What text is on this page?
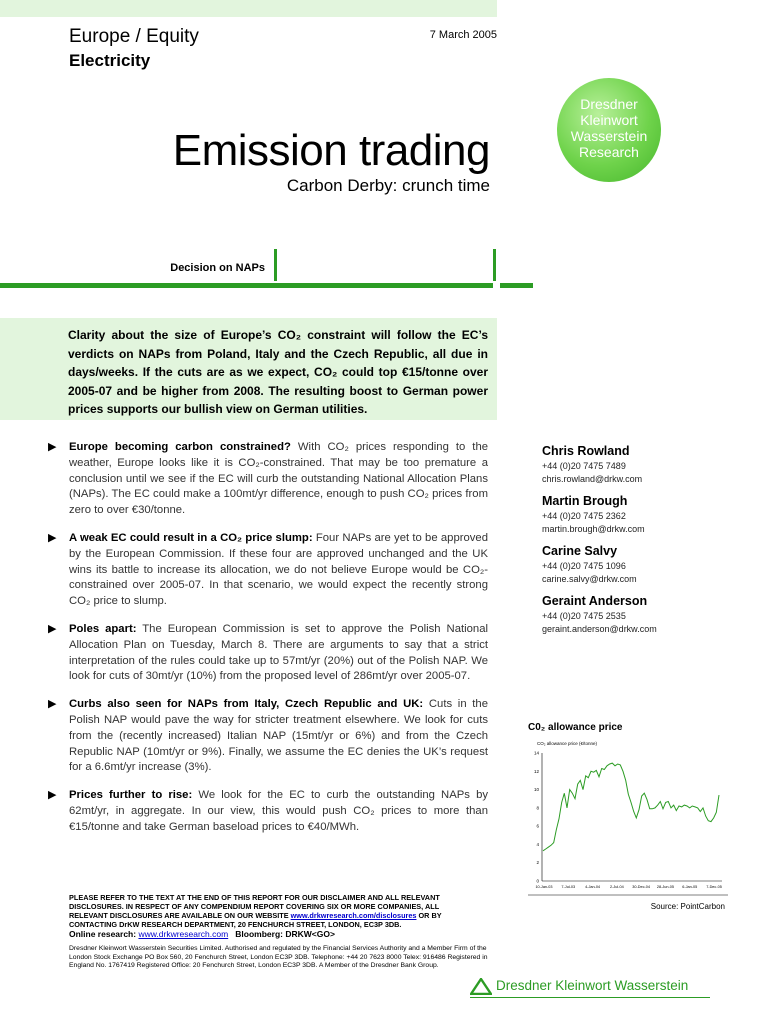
Europe / Equity
Electricity
7 March 2005
Dresdner
Kleinwort
Wasserstein
Research
Emission trading
Carbon Derby: crunch time
Decision on NAPs
Clarity about the size of Europe’s CO₂ constraint will follow the EC’s verdicts on NAPs from Poland, Italy and the Czech Republic, all due in days/weeks. If the cuts are as we expect, CO₂ could top €15/tonne over 2005-07 and be higher from 2008. The resulting boost to German power prices supports our bullish view on German utilities.
▶ Europe becoming carbon constrained? With CO₂ prices responding to the weather, Europe looks like it is CO₂-constrained. That may be too premature a conclusion until we see if the EC will curb the outstanding National Allocation Plans (NAPs). The EC could make a 100mt/yr difference, enough to push CO₂ prices from zero to over €30/tonne.
▶ A weak EC could result in a CO₂ price slump: Four NAPs are yet to be approved by the European Commission. If these four are approved unchanged and the UK wins its battle to increase its allocation, we do not believe Europe would be CO₂-constrained over 2005-07. In that scenario, we would expect the recently strong CO₂ price to slump.
▶ Poles apart: The European Commission is set to approve the Polish National Allocation Plan on Tuesday, March 8. There are arguments to say that a strict interpretation of the rules could take up to 57mt/yr (20%) out of the Polish NAP. We look for cuts of 30mt/yr (10%) from the proposed level of 286mt/yr over 2005-07.
▶ Curbs also seen for NAPs from Italy, Czech Republic and UK: Cuts in the Polish NAP would pave the way for stricter treatment elsewhere. We look for cuts from the (recently increased) Italian NAP (15mt/yr or 6%) and from the Czech Republic NAP (10mt/yr or 9%). Finally, we assume the EC denies the UK’s request for a 6.6mt/yr increase (3%).
▶ Prices further to rise: We look for the EC to curb the outstanding NAPs by 62mt/yr, in aggregate. In our view, this would push CO₂ prices to more than €15/tonne and take German baseload prices to €40/MWh.
Chris Rowland
+44 (0)20 7475 7489
chris.rowland@drkw.com
Martin Brough
+44 (0)20 7475 2362
martin.brough@drkw.com
Carine Salvy
+44 (0)20 7475 1096
carine.salvy@drkw.com
Geraint Anderson
+44 (0)20 7475 2535
geraint.anderson@drkw.com
C0₂ allowance price
CO₂ allowance price (€/tonne)
0
2
4
6
8
10
12
14
10-Jan-03 7-Jul-03	4-Jan-04	2-Jul-04 30-Dec-04 28-Jun-05 6-Jan-05 7-Dec-05
Source: PointCarbon
PLEASE REFER TO THE TEXT AT THE END OF THIS REPORT FOR OUR DISCLAIMER AND ALL RELEVANT DISCLOSURES. IN RESPECT OF ANY COMPENDIUM REPORT COVERING SIX OR MORE COMPANIES, ALL RELEVANT DISCLOSURES ARE AVAILABLE ON OUR WEBSITE www.drkwresearch.com/disclosures OR BY CONTACTING DrKW RESEARCH DEPARTMENT, 20 FENCHURCH STREET, LONDON, EC3P 3DB.
Online research: www.drkwresearch.com Bloomberg: DRKW<GO>
Dresdner Kleinwort Wasserstein Securities Limited. Authorised and regulated by the Financial Services Authority and a Member Firm of the London Stock Exchange PO Box 560, 20 Fenchurch Street, London EC3P 3DB. Telephone: +44 20 7623 8000 Telex: 916486 Registered in England No. 1767419 Registered Office: 20 Fenchurch Street, London EC3P 3DB. A Member of the Dresdner Bank Group.
Dresdner Kleinwort Wasserstein
